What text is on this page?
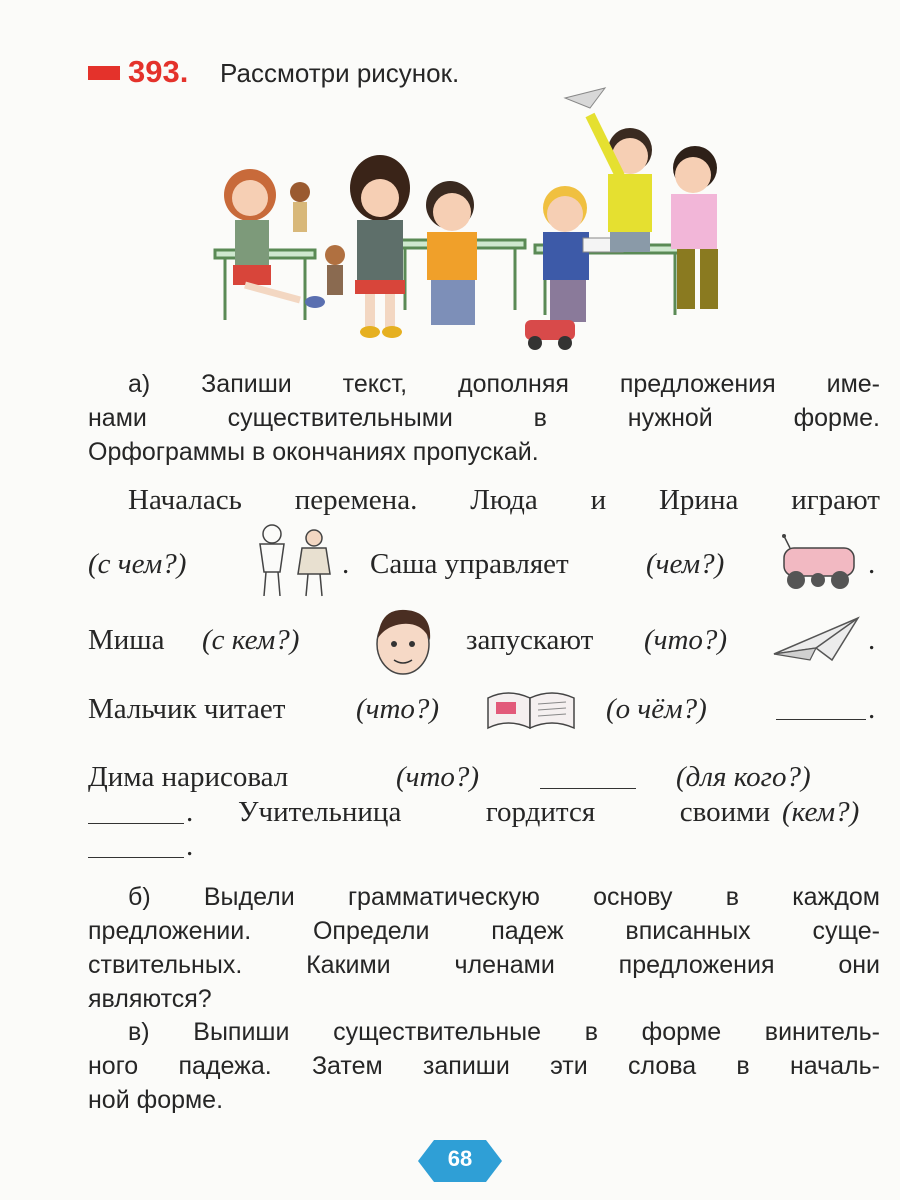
393. Рассмотри рисунок.
а) Запиши текст, дополняя предложения име-
нами существительными в нужной форме.
Орфограммы в окончаниях пропускай.
Началась перемена. Люда и Ирина играют
(с чем?)	. Саша управляет	(чем?)	.
Миша (с кем?)	запускают (что?)	.
Мальчик читает (что?)	(о чём?)	.
Дима нарисовал	(что?)	(для кого?)
. Учительница гордится своими (кем?)
.
б) Выдели грамматическую основу в каждом
предложении. Определи падеж вписанных суще-
ствительных. Какими членами предложения они
являются?
в) Выпиши существительные в форме винитель-
ного падежа. Затем запиши эти слова в началь-
ной форме.
68
